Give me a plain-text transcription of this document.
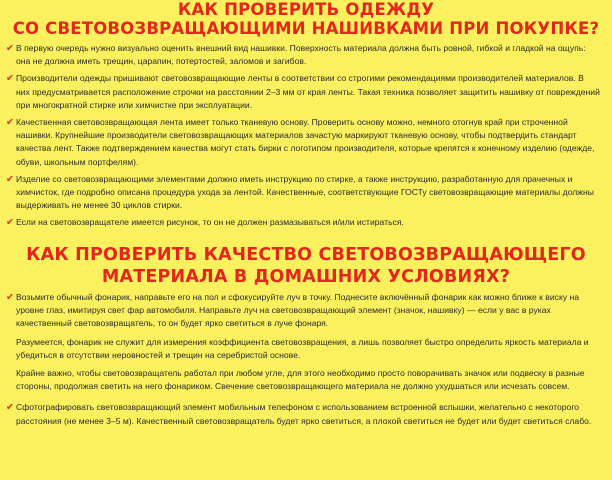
КАК ПРОВЕРИТЬ ОДЕЖДУ
СО СВЕТОВОЗВРАЩАЮЩИМИ НАШИВКАМИ ПРИ ПОКУПКЕ?
✔ В первую очередь нужно визуально оценить внешний вид нашивки. Поверхность материала должна быть ровной, гибкой и гладкой на ощупь: она не должна иметь трещин, царапин, потертостей, заломов и загибов.
✔ Производители одежды пришивают световозвращающие ленты в соответствии со строгими рекомендациями производителей материалов. В них предусматривается расположение строчки на расстоянии 2–3 мм от края ленты. Такая техника позволяет защитить нашивку от повреждений при многократной стирке или химчистке при эксплуатации.
✔ Качественная световозвращающая лента имеет только тканевую основу. Проверить основу можно, немного отогнув край при строченной нашивки. Крупнейшие производители световозвращающих материалов зачастую маркируют тканевую основу, чтобы подтвердить стандарт качества лент. Также подтверждением качества могут стать бирки с логотипом производителя, которые крепятся к конечному изделию (одежде, обуви, школьным портфелям).
✔ Изделие со световозвращающими элементами должно иметь инструкцию по стирке, а также инструкцию, разработанную для прачечных и химчисток, где подробно описана процедура ухода за лентой. Качественные, соответствующие ГОСТу световозвращающие материалы должны выдерживать не менее 30 циклов стирки.
✔ Если на световозвращателе имеется рисунок, то он не должен размазываться и/или истираться.
КАК ПРОВЕРИТЬ КАЧЕСТВО СВЕТОВОЗВРАЩАЮЩЕГО
МАТЕРИАЛА В ДОМАШНИХ УСЛОВИЯХ?
✔ Возьмите обычный фонарик, направьте его на пол и сфокусируйте луч в точку. Поднесите включённый фонарик как можно ближе к виску на уровне глаз, имитируя свет фар автомобиля. Направьте луч на световозвращающий элемент (значок, нашивку) — если у вас в руках качественный световозвращатель, то он будет ярко светиться в лучe фонаря.
Разумеется, фонарик не служит для измерения коэффициента световозвращения, а лишь позволяет быстро определить яркость материала и убедиться в отсутствии неровностей и трещин на серебристой основе.
Крайне важно, чтобы световозвращатель работал при любом угле, для этого необходимо просто поворачивать значок или подвеску в разные стороны, продолжая светить на него фонариком. Свечение световозвращающего материала не должно ухудшаться или исчезать совсем.
✔ Сфотографировать световозвращающий элемент мобильным телефоном с использованием встроенной вспышки, желательно с некоторого расстояния (не менее 3–5 м). Качественный световозвращатель будет ярко светиться, а плохой светиться не будет или будет светиться слабо.
